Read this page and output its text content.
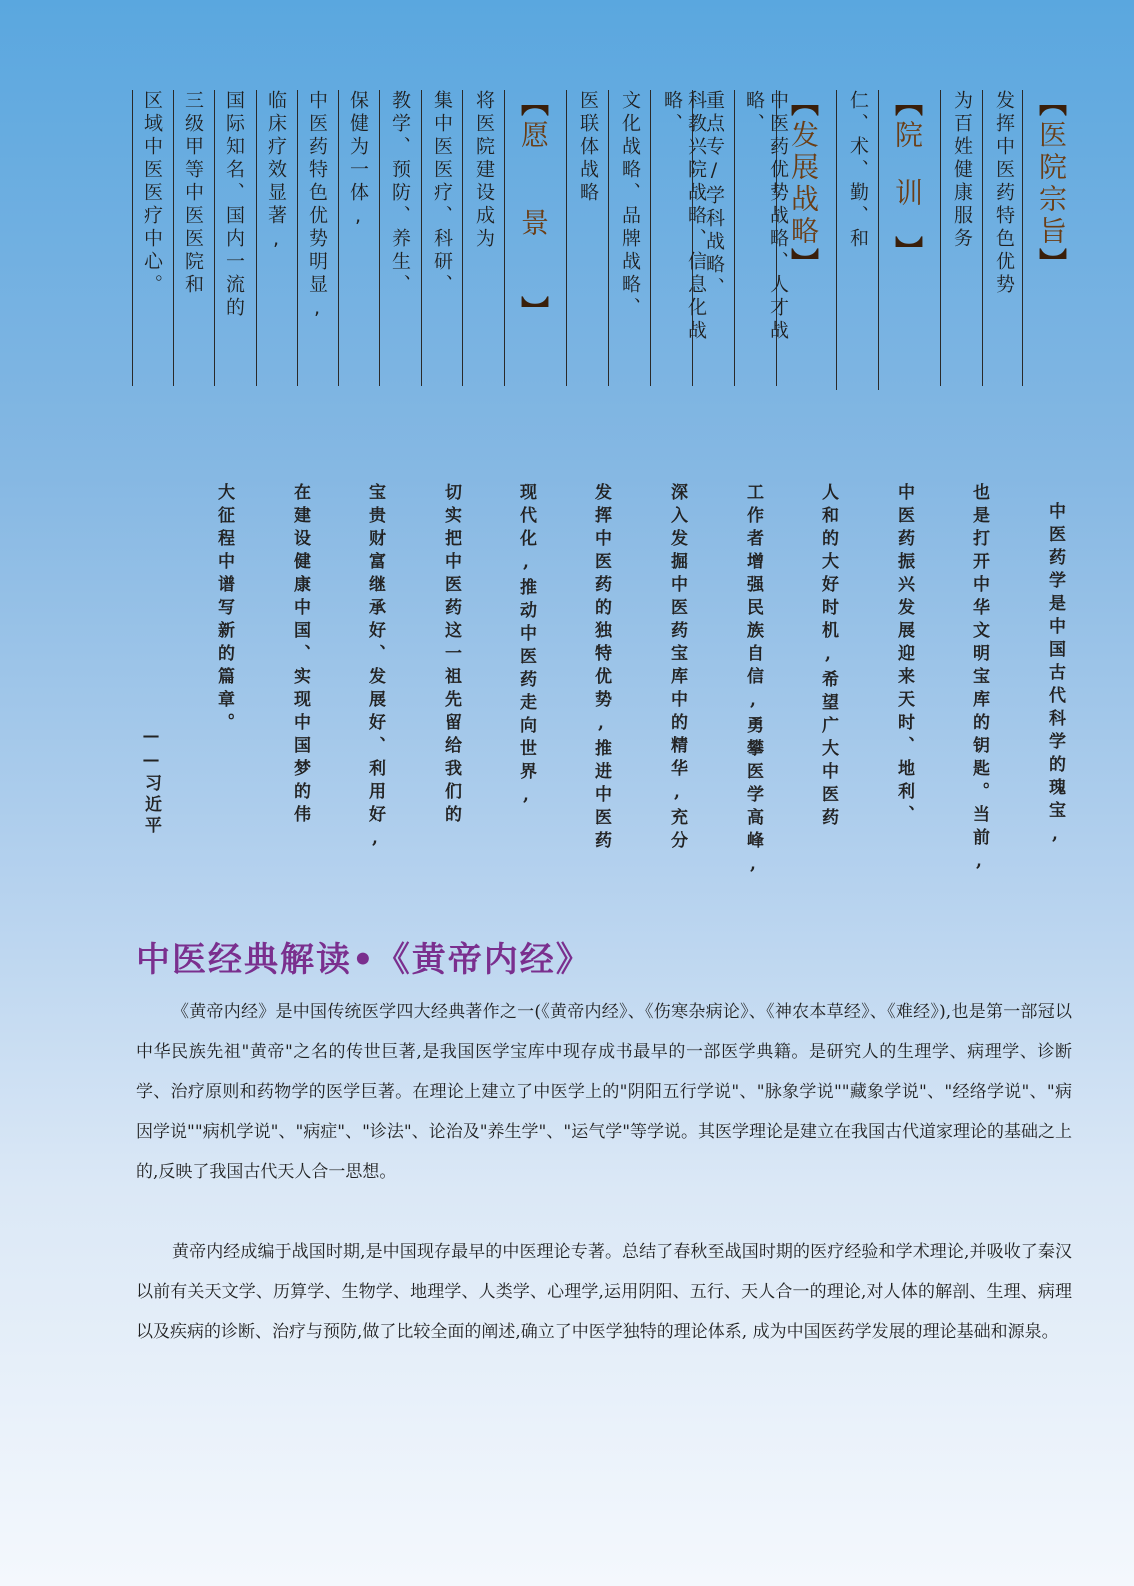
【医院宗旨】
发挥中医药特色优势
为百姓健康服务
【院训】
仁、术、勤、和
【发展战略】
中医药优势战略、人才战略、
重点专/学科战略、
科教兴院战略、信息化战略、
文化战略、品牌战略、
医联体战略
【愿景】
将医院建设成为
集中医医疗、科研、
教学、预防、养生、
保健为一体,
中医药特色优势明显,
临床疗效显著,
国际知名、国内一流的
三级甲等中医医院和
区域中医医疗中心。
中医药学是中国古代科学的瑰宝,
也是打开中华文明宝库的钥匙。当前,
中医药振兴发展迎来天时、地利、
人和的大好时机,希望广大中医药
工作者增强民族自信,勇攀医学高峰,
深入发掘中医药宝库中的精华,充分
发挥中医药的独特优势,推进中医药
现代化,推动中医药走向世界,
切实把中医药这一祖先留给我们的
宝贵财富继承好、发展好、利用好,
在建设健康中国、实现中国梦的伟
大征程中谱写新的篇章。
——习近平
中医经典解读•《黄帝内经》
《黄帝内经》是中国传统医学四大经典著作之一(《黄帝内经》、《伤寒杂病论》、《神农本草经》、《难经》),也是第一部冠以中华民族先祖"黄帝"之名的传世巨著,是我国医学宝库中现存成书最早的一部医学典籍。是研究人的生理学、病理学、诊断学、治疗原则和药物学的医学巨著。在理论上建立了中医学上的"阴阳五行学说"、"脉象学说""藏象学说"、"经络学说"、"病因学说""病机学说"、"病症"、"诊法"、论治及"养生学"、"运气学"等学说。其医学理论是建立在我国古代道家理论的基础之上的,反映了我国古代天人合一思想。
黄帝内经成编于战国时期,是中国现存最早的中医理论专著。总结了春秋至战国时期的医疗经验和学术理论,并吸收了秦汉以前有关天文学、历算学、生物学、地理学、人类学、心理学,运用阴阳、五行、天人合一的理论,对人体的解剖、生理、病理以及疾病的诊断、治疗与预防,做了比较全面的阐述,确立了中医学独特的理论体系, 成为中国医药学发展的理论基础和源泉。
